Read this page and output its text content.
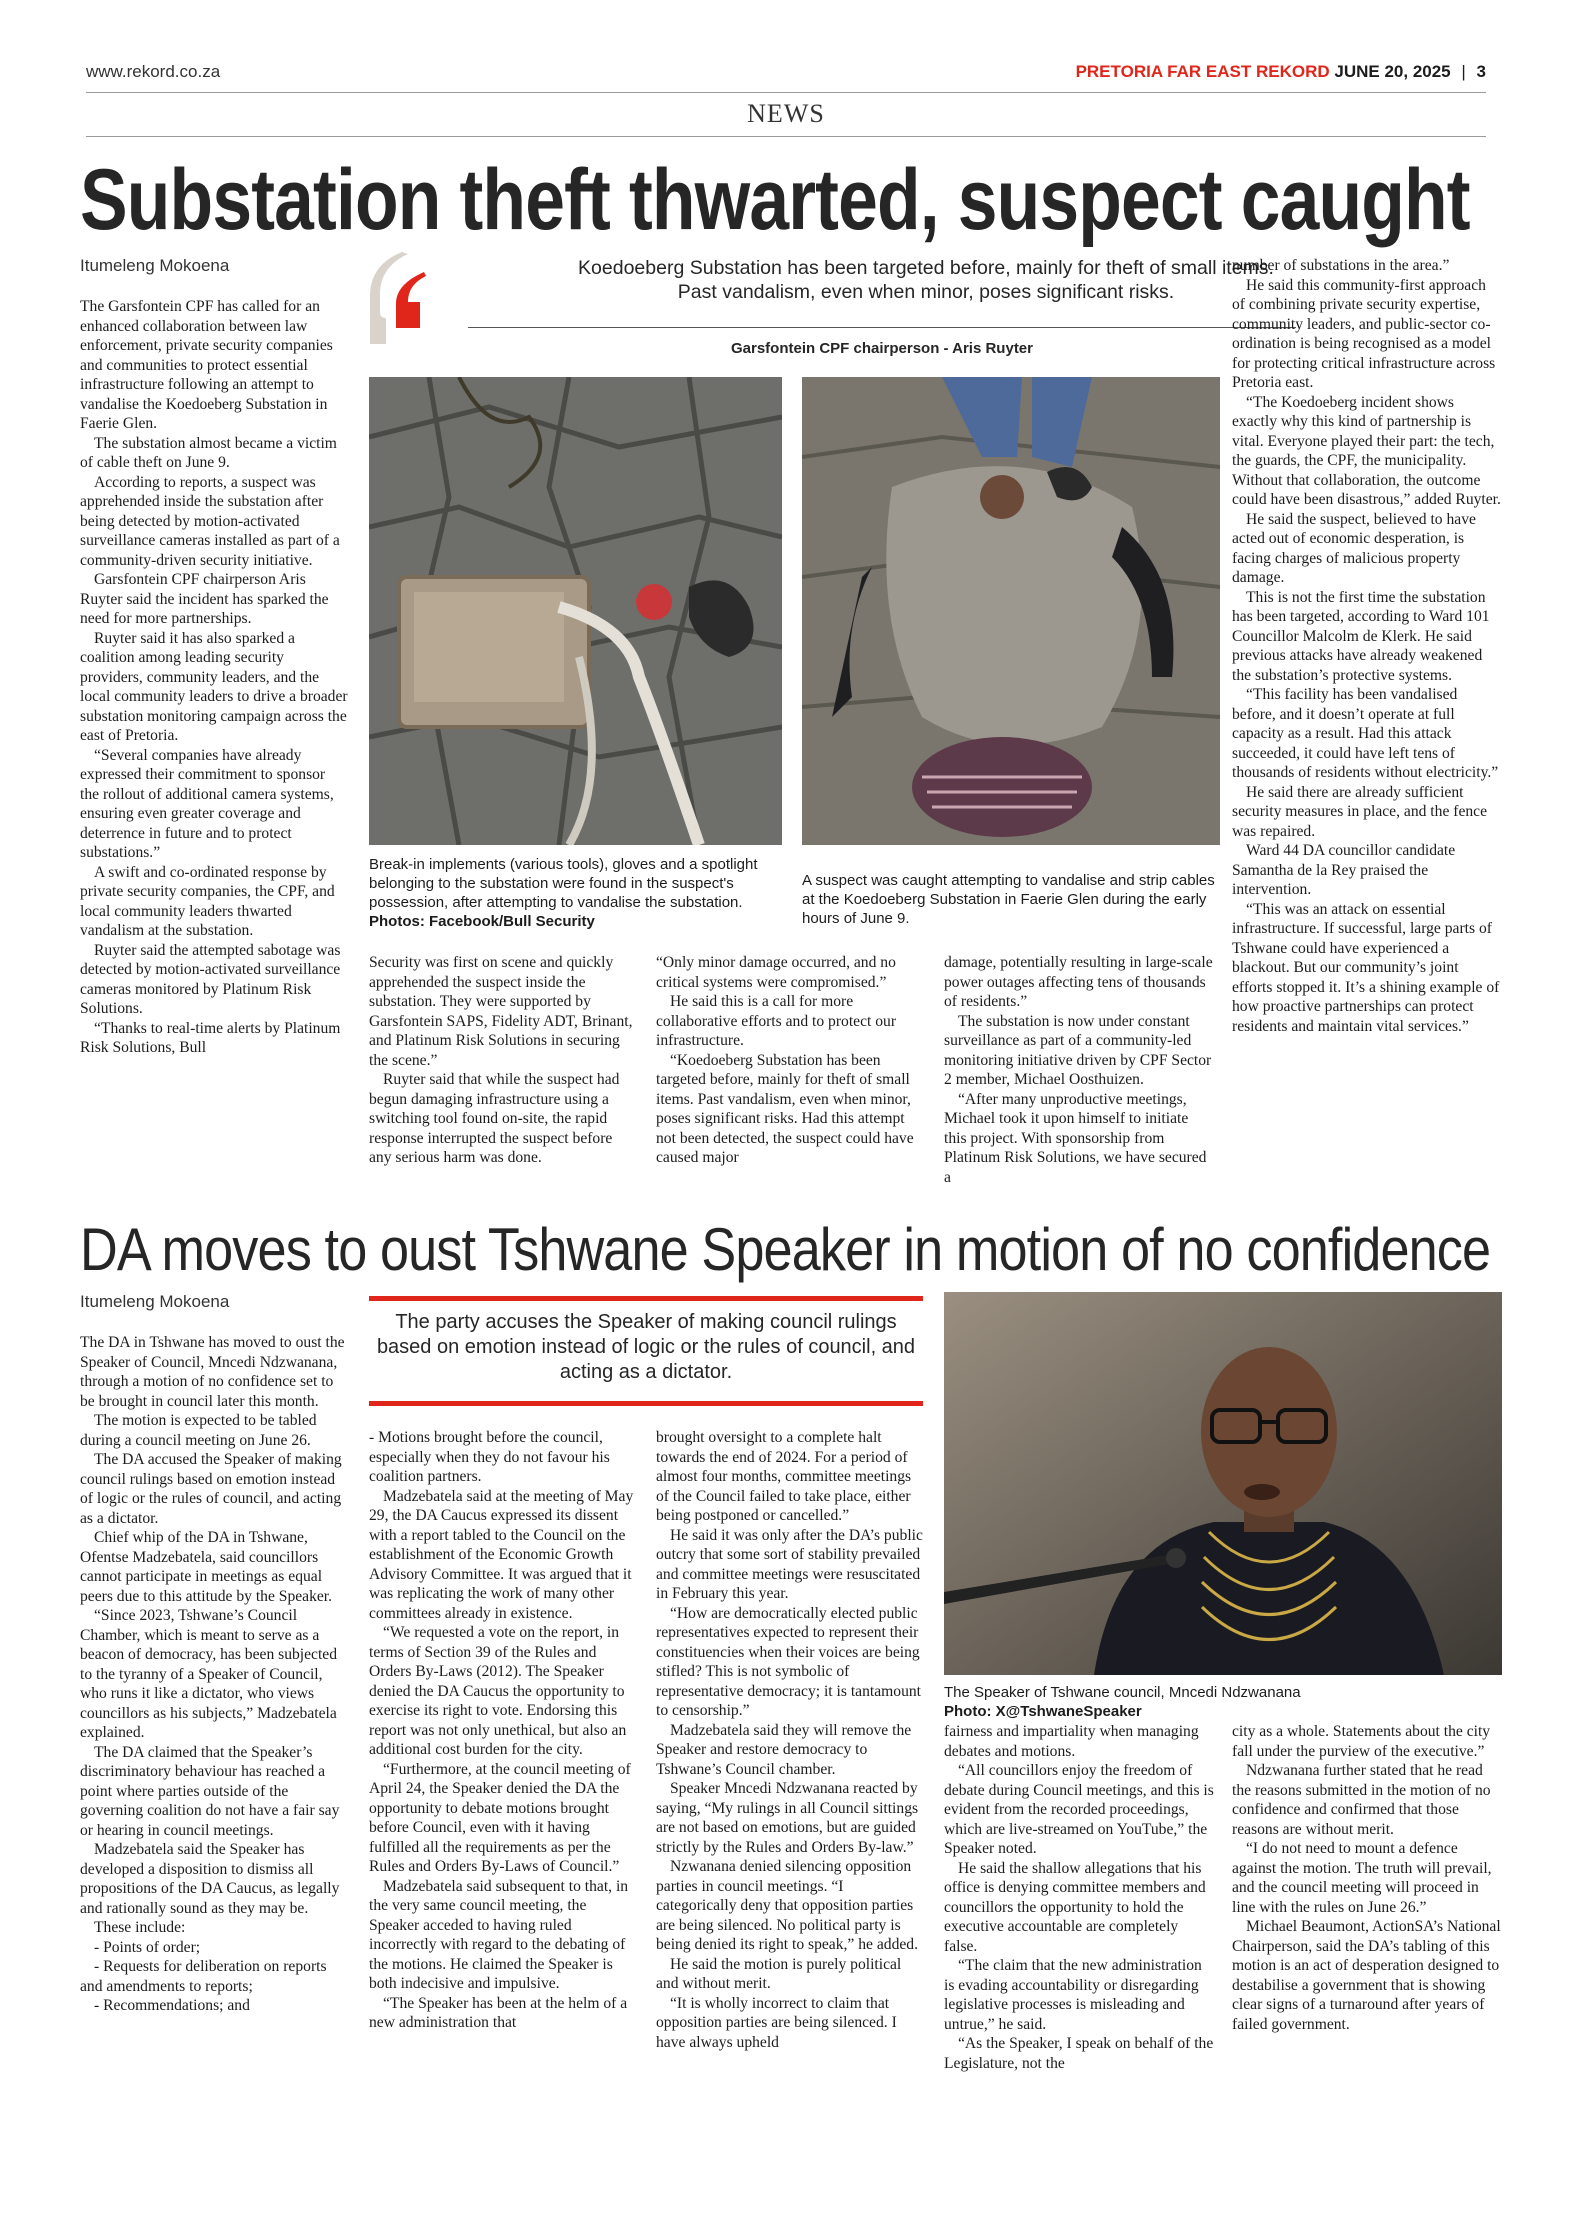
www.rekord.co.za	PRETORIA FAR EAST REKORD JUNE 20, 2025 | 3
NEWS
Substation theft thwarted, suspect caught
Itumeleng Mokoena

The Garsfontein CPF has called for an enhanced collaboration between law enforcement, private security companies and communities to protect essential infrastructure following an attempt to vandalise the Koedoeberg Substation in Faerie Glen.

The substation almost became a victim of cable theft on June 9.

According to reports, a suspect was apprehended inside the substation after being detected by motion-activated surveillance cameras installed as part of a community-driven security initiative.

Garsfontein CPF chairperson Aris Ruyter said the incident has sparked the need for more partnerships.

Ruyter said it has also sparked a coalition among leading security providers, community leaders, and the local community leaders to drive a broader substation monitoring campaign across the east of Pretoria.

“Several companies have already expressed their commitment to sponsor the rollout of additional camera systems, ensuring even greater coverage and deterrence in future and to protect substations.”

A swift and co-ordinated response by private security companies, the CPF, and local community leaders thwarted vandalism at the substation.

Ruyter said the attempted sabotage was detected by motion-activated surveillance cameras monitored by Platinum Risk Solutions.

“Thanks to real-time alerts by Platinum Risk Solutions, Bull

Koedoeberg Substation has been targeted before, mainly for theft of small items. Past vandalism, even when minor, poses significant risks.
Garsfontein CPF chairperson - Aris Ruyter
Break-in implements (various tools), gloves and a spotlight belonging to the substation were found in the suspect's possession, after attempting to vandalise the substation. Photos: Facebook/Bull Security
A suspect was caught attempting to vandalise and strip cables at the Koedoeberg Substation in Faerie Glen during the early hours of June 9.

Security was first on scene and quickly apprehended the suspect inside the substation. They were supported by Garsfontein SAPS, Fidelity ADT, Brinant, and Platinum Risk Solutions in securing the scene.”

Ruyter said that while the suspect had begun damaging infrastructure using a switching tool found on-site, the rapid response interrupted the suspect before any serious harm was done.

“Only minor damage occurred, and no critical systems were compromised.”

He said this is a call for more collaborative efforts and to protect our infrastructure.

“Koedoeberg Substation has been targeted before, mainly for theft of small items. Past vandalism, even when minor, poses significant risks. Had this attempt not been detected, the suspect could have caused major

damage, potentially resulting in large-scale power outages affecting tens of thousands of residents.”

The substation is now under constant surveillance as part of a community-led monitoring initiative driven by CPF Sector 2 member, Michael Oosthuizen.

“After many unproductive meetings, Michael took it upon himself to initiate this project. With sponsorship from Platinum Risk Solutions, we have secured a

number of substations in the area.”

He said this community-first approach of combining private security expertise, community leaders, and public-sector co-ordination is being recognised as a model for protecting critical infrastructure across Pretoria east.

“The Koedoeberg incident shows exactly why this kind of partnership is vital. Everyone played their part: the tech, the guards, the CPF, the municipality. Without that collaboration, the outcome could have been disastrous,” added Ruyter.

He said the suspect, believed to have acted out of economic desperation, is facing charges of malicious property damage.

This is not the first time the substation has been targeted, according to Ward 101 Councillor Malcolm de Klerk. He said previous attacks have already weakened the substation’s protective systems.

“This facility has been vandalised before, and it doesn’t operate at full capacity as a result. Had this attack succeeded, it could have left tens of thousands of residents without electricity.”

He said there are already sufficient security measures in place, and the fence was repaired.

Ward 44 DA councillor candidate Samantha de la Rey praised the intervention.

“This was an attack on essential infrastructure. If successful, large parts of Tshwane could have experienced a blackout. But our community’s joint efforts stopped it. It’s a shining example of how proactive partnerships can protect residents and maintain vital services.”

DA moves to oust Tshwane Speaker in motion of no confidence
Itumeleng Mokoena

The DA in Tshwane has moved to oust the Speaker of Council, Mncedi Ndzwanana, through a motion of no confidence set to be brought in council later this month.

The motion is expected to be tabled during a council meeting on June 26.

The DA accused the Speaker of making council rulings based on emotion instead of logic or the rules of council, and acting as a dictator.

Chief whip of the DA in Tshwane, Ofentse Madzebatela, said councillors cannot participate in meetings as equal peers due to this attitude by the Speaker.

“Since 2023, Tshwane’s Council Chamber, which is meant to serve as a beacon of democracy, has been subjected to the tyranny of a Speaker of Council, who runs it like a dictator, who views councillors as his subjects,” Madzebatela explained.

The DA claimed that the Speaker’s discriminatory behaviour has reached a point where parties outside of the governing coalition do not have a fair say or hearing in council meetings.

Madzebatela said the Speaker has developed a disposition to dismiss all propositions of the DA Caucus, as legally and rationally sound as they may be.

These include:

- Points of order;

- Requests for deliberation on reports and amendments to reports;

- Recommendations; and

The party accuses the Speaker of making council rulings based on emotion instead of logic or the rules of council, and acting as a dictator.

- Motions brought before the council, especially when they do not favour his coalition partners.

Madzebatela said at the meeting of May 29, the DA Caucus expressed its dissent with a report tabled to the Council on the establishment of the Economic Growth Advisory Committee. It was argued that it was replicating the work of many other committees already in existence.

“We requested a vote on the report, in terms of Section 39 of the Rules and Orders By-Laws (2012). The Speaker denied the DA Caucus the opportunity to exercise its right to vote. Endorsing this report was not only unethical, but also an additional cost burden for the city.

“Furthermore, at the council meeting of April 24, the Speaker denied the DA the opportunity to debate motions brought before Council, even with it having fulfilled all the requirements as per the Rules and Orders By-Laws of Council.”

Madzebatela said subsequent to that, in the very same council meeting, the Speaker acceded to having ruled incorrectly with regard to the debating of the motions. He claimed the Speaker is both indecisive and impulsive.

“The Speaker has been at the helm of a new administration that

brought oversight to a complete halt towards the end of 2024. For a period of almost four months, committee meetings of the Council failed to take place, either being postponed or cancelled.”

He said it was only after the DA’s public outcry that some sort of stability prevailed and committee meetings were resuscitated in February this year.

“How are democratically elected public representatives expected to represent their constituencies when their voices are being stifled? This is not symbolic of representative democracy; it is tantamount to censorship.”

Madzebatela said they will remove the Speaker and restore democracy to Tshwane’s Council chamber.

Speaker Mncedi Ndzwanana reacted by saying, “My rulings in all Council sittings are not based on emotions, but are guided strictly by the Rules and Orders By-law.”

Nzwanana denied silencing opposition parties in council meetings. “I categorically deny that opposition parties are being silenced. No political party is being denied its right to speak,” he added.

He said the motion is purely political and without merit.

“It is wholly incorrect to claim that opposition parties are being silenced. I have always upheld

The Speaker of Tshwane council, Mncedi Ndzwanana
Photo: X@TshwaneSpeaker

fairness and impartiality when managing debates and motions.

“All councillors enjoy the freedom of debate during Council meetings, and this is evident from the recorded proceedings, which are live-streamed on YouTube,” the Speaker noted.

He said the shallow allegations that his office is denying committee members and councillors the opportunity to hold the executive accountable are completely false.

“The claim that the new administration is evading accountability or disregarding legislative processes is misleading and untrue,” he said.

“As the Speaker, I speak on behalf of the Legislature, not the

city as a whole. Statements about the city fall under the purview of the executive.”

Ndzwanana further stated that he read the reasons submitted in the motion of no confidence and confirmed that those reasons are without merit.

“I do not need to mount a defence against the motion. The truth will prevail, and the council meeting will proceed in line with the rules on June 26.”

Michael Beaumont, ActionSA’s National Chairperson, said the DA’s tabling of this motion is an act of desperation designed to destabilise a government that is showing clear signs of a turnaround after years of failed government.
